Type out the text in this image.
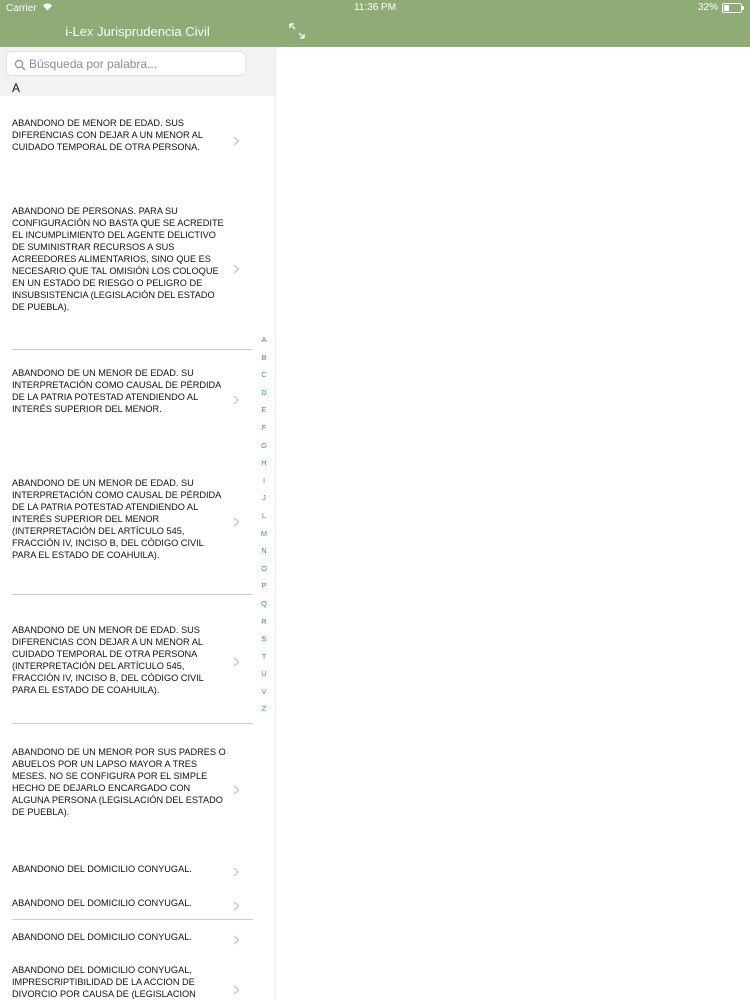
Carrier	11:36 PM	32%
i-Lex Jurisprudencia Civil
Búsqueda por palabra...
A
ABANDONO DE MENOR DE EDAD. SUS DIFERENCIAS CON DEJAR A UN MENOR AL CUIDADO TEMPORAL DE OTRA PERSONA.
ABANDONO DE PERSONAS. PARA SU CONFIGURACIÓN NO BASTA QUE SE ACREDITE EL INCUMPLIMIENTO DEL AGENTE DELICTIVO DE SUMINISTRAR RECURSOS A SUS ACREEDORES ALIMENTARIOS, SINO QUE ES NECESARIO QUE TAL OMISIÓN LOS COLOQUE EN UN ESTADO DE RIESGO O PELIGRO DE INSUBSISTENCIA (LEGISLACIÓN DEL ESTADO DE PUEBLA).
ABANDONO DE UN MENOR DE EDAD. SU INTERPRETACIÓN COMO CAUSAL DE PÉRDIDA DE LA PATRIA POTESTAD ATENDIENDO AL INTERÉS SUPERIOR DEL MENOR.
ABANDONO DE UN MENOR DE EDAD. SU INTERPRETACIÓN COMO CAUSAL DE PÉRDIDA DE LA PATRIA POTESTAD ATENDIENDO AL INTERÉS SUPERIOR DEL MENOR (INTERPRETACIÓN DEL ARTÍCULO 545, FRACCIÓN IV, INCISO B, DEL CÓDIGO CIVIL PARA EL ESTADO DE COAHUILA).
ABANDONO DE UN MENOR DE EDAD. SUS DIFERENCIAS CON DEJAR A UN MENOR AL CUIDADO TEMPORAL DE OTRA PERSONA (INTERPRETACIÓN DEL ARTÍCULO 545, FRACCIÓN IV, INCISO B, DEL CÓDIGO CIVIL PARA EL ESTADO DE COAHUILA).
ABANDONO DE UN MENOR POR SUS PADRES O ABUELOS POR UN LAPSO MAYOR A TRES MESES. NO SE CONFIGURA POR EL SIMPLE HECHO DE DEJARLO ENCARGADO CON ALGUNA PERSONA (LEGISLACIÓN DEL ESTADO DE PUEBLA).
ABANDONO DEL DOMICILIO CONYUGAL.
ABANDONO DEL DOMICILIO CONYUGAL.
ABANDONO DEL DOMICILIO CONYUGAL.
ABANDONO DEL DOMICILIO CONYUGAL, IMPRESCRIPTIBILIDAD DE LA ACCION DE DIVORCIO POR CAUSA DE (LEGISLACION
A
B
C
D
E
F
G
H
I
J
L
M
N
O
P
Q
R
S
T
U
V
Z
